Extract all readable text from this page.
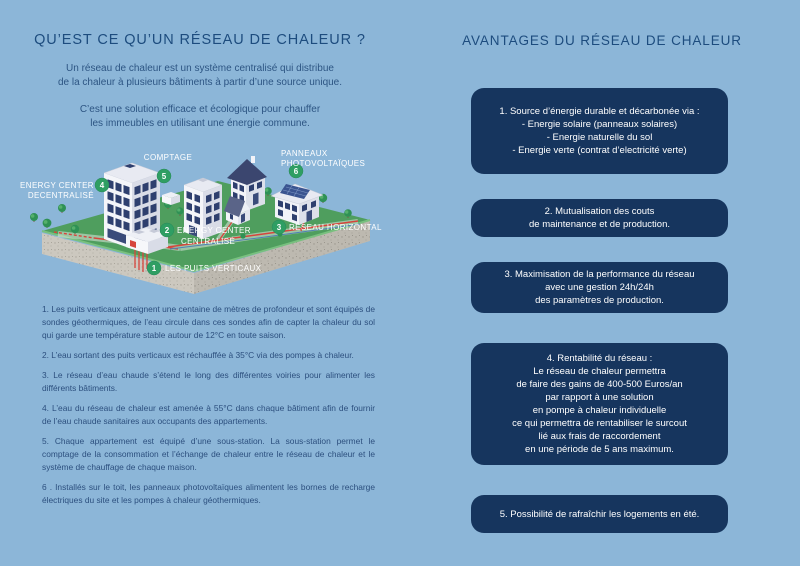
QU’EST CE QU’UN RÉSEAU DE CHALEUR ?
Un réseau de chaleur est un système centralisé qui distribue
de la chaleur à plusieurs bâtiments à partir d’une source unique.
C’est une solution efficace et écologique pour chauffer
les immeubles en utilisant une énergie commune.
4
5
6
2	3
1
ENERGY CENTER
DECENTRALISÉ
COMPTAGE	PANNEAUX
PHOTOVOLTAÏQUES
ENERGY CENTER
CENTRALISÉ
RÉSEAU HORIZONTAL
LES PUITS VERTICAUX

1. Les puits verticaux atteignent une centaine de mètres de profondeur et sont équipés de sondes géothermiques, de l’eau circule dans ces sondes afin de capter la chaleur du sol qui garde une température stable autour de 12°C en toute saison.

2. L’eau sortant des puits verticaux est réchauffée à 35°C via des pompes à chaleur.

3. Le réseau d’eau chaude s’étend le long des différentes voiries pour alimenter les différents bâtiments.

4. L’eau du réseau de chaleur est amenée à 55°C dans chaque bâtiment afin de fournir de l’eau chaude sanitaires aux occupants des appartements.

5. Chaque appartement est équipé d’une sous-station. La sous-station permet le comptage de la consommation et l’échange de chaleur entre le réseau de chaleur et le système de chauffage de chaque maison.

6 . Installés sur le toit, les panneaux photovoltaïques alimentent les bornes de recharge électriques du site et les pompes à chaleur géothermiques.

AVANTAGES DU RÉSEAU DE CHALEUR
1. Source d’énergie durable et décarbonée via :
- Energie solaire (panneaux solaires)
- Energie naturelle du sol
- Energie verte (contrat d’electricité verte)
2. Mutualisation des couts
de maintenance et de production.
3. Maximisation de la performance du réseau
avec une gestion 24h/24h
des paramètres de production.
4. Rentabilité du réseau :
Le réseau de chaleur permettra
de faire des gains de 400-500 Euros/an
par rapport à une solution
en pompe à chaleur individuelle
ce qui permettra de rentabiliser le surcout
lié aux frais de raccordement
en une période de 5 ans maximum.
5. Possibilité de rafraîchir les logements en été.
